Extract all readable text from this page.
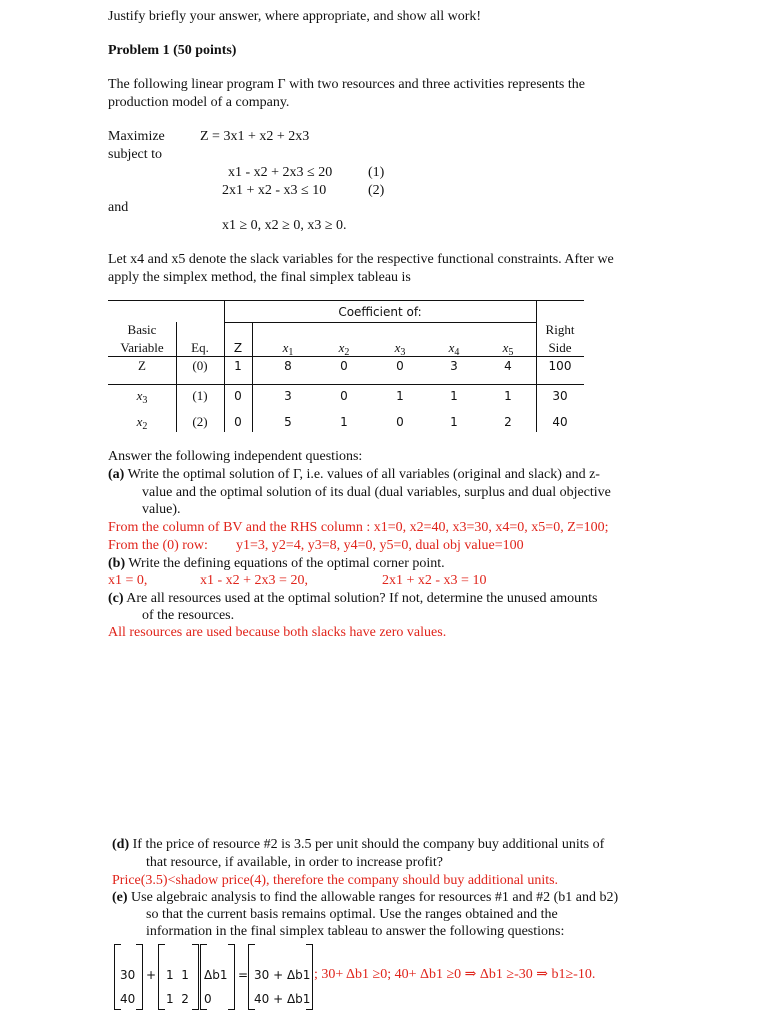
Justify briefly your answer, where appropriate, and show all work!
Problem 1 (50 points)
The following linear program Γ with two resources and three activities represents the
production model of a company.
Maximize	Z = 3x1 + x2 + 2x3
subject to
x1 - x2 + 2x3 ≤ 20	(1)
2x1 + x2 - x3 ≤ 10	(2)
and
x1 ≥ 0, x2 ≥ 0, x3 ≥ 0.
Let x4 and x5 denote the slack variables for the respective functional constraints. After we
apply the simplex method, the final simplex tableau is
Coefficient of:
Basic
Variable	Eq.	Z	$x_1$	$x_2$	$x_3$	$x_4$	$x_5$
Right
Side
Z	(0)	1	8	0	0	3	4	100
$x_3$	(1)	0	3	0	1	1	1	30
$x_2$	(2)	0	5	1	0	1	2	40
Answer the following independent questions:
(a) Write the optimal solution of Γ, i.e. values of all variables (original and slack) and z-
value and the optimal solution of its dual (dual variables, surplus and dual objective
value).
From the column of BV and the RHS column : x1=0, x2=40, x3=30, x4=0, x5=0, Z=100;
From the (0) row: y1=3, y2=4, y3=8, y4=0, y5=0, dual obj value=100
(b) Write the defining equations of the optimal corner point.
x1 = 0,	x1 - x2 + 2x3 = 20,	2x1 + x2 - x3 = 10
(c) Are all resources used at the optimal solution? If not, determine the unused amounts
of the resources.
All resources are used because both slacks have zero values.
(d) If the price of resource #2 is 3.5 per unit should the company buy additional units of
that resource, if available, in order to increase profit?
Price(3.5)<shadow price(4), therefore the company should buy additional units.
(e) Use algebraic analysis to find the allowable ranges for resources #1 and #2 (b1 and b2)
so that the current basis remains optimal. Use the ranges obtained and the
information in the final simplex tableau to answer the following questions:
30
40
+ 1  1
1  2
Δb1
0
= 30 + Δb1
40 + Δb1
; 30+ Δb1 ≥0; 40+ Δb1 ≥0 ⇒ Δb1 ≥-30 ⇒ b1≥-10.
